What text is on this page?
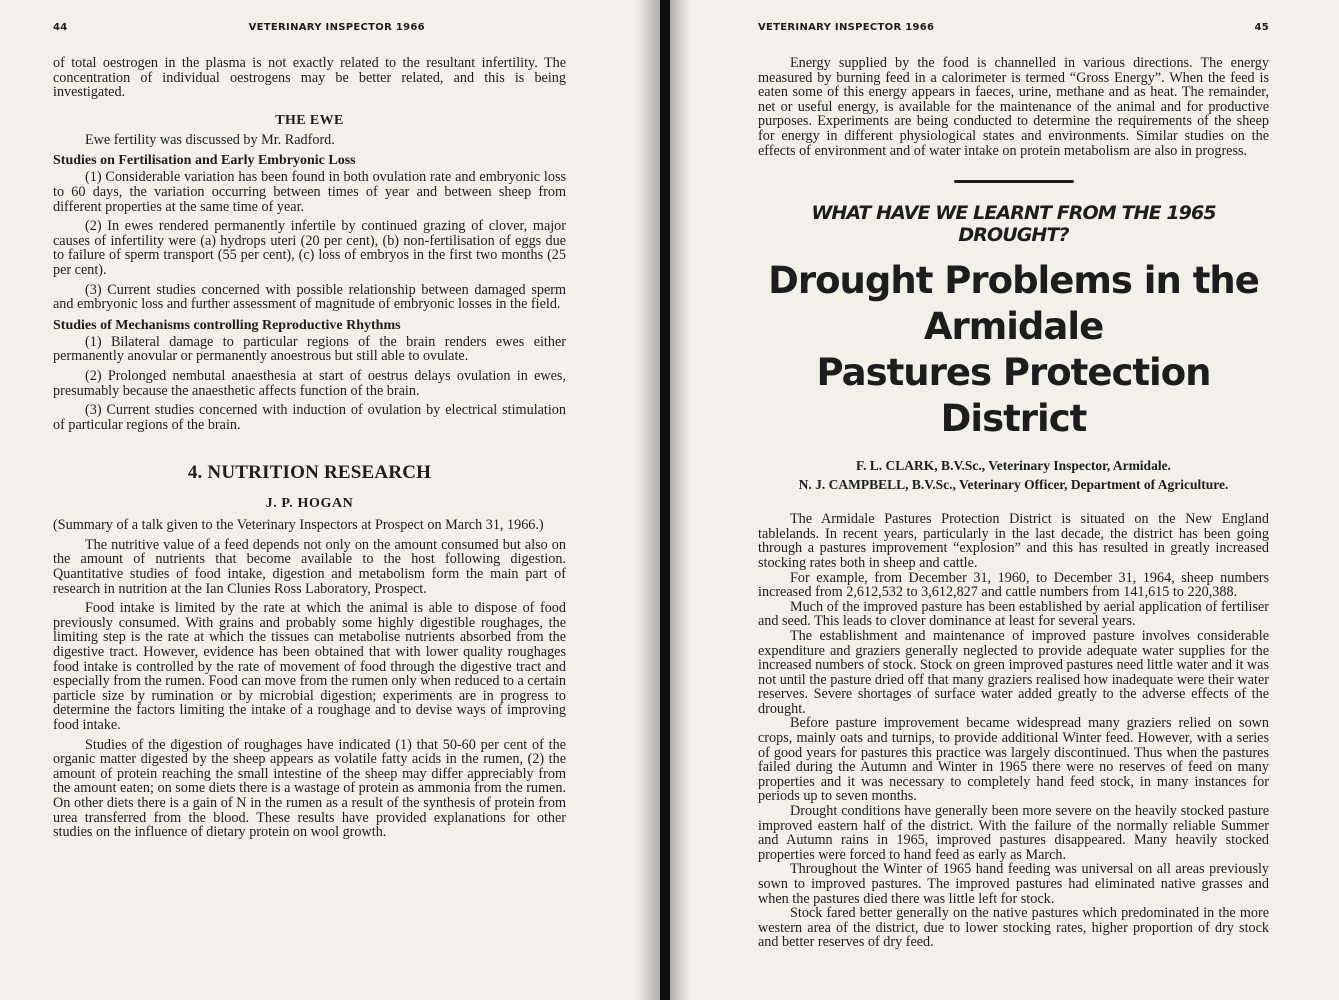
44	VETERINARY INSPECTOR 1966

of total oestrogen in the plasma is not exactly related to the resultant infertility. The concentration of individual oestrogens may be better related, and this is being investigated.

THE EWE

Ewe fertility was discussed by Mr. Radford.

Studies on Fertilisation and Early Embryonic Loss

(1) Considerable variation has been found in both ovulation rate and embryonic loss to 60 days, the variation occurring between times of year and between sheep from different properties at the same time of year.

(2) In ewes rendered permanently infertile by continued grazing of clover, major causes of infertility were (a) hydrops uteri (20 per cent), (b) non-fertilisation of eggs due to failure of sperm transport (55 per cent), (c) loss of embryos in the first two months (25 per cent).

(3) Current studies concerned with possible relationship between damaged sperm and embryonic loss and further assessment of magnitude of embryonic losses in the field.

Studies of Mechanisms controlling Reproductive Rhythms

(1) Bilateral damage to particular regions of the brain renders ewes either permanently anovular or permanently anoestrous but still able to ovulate.

(2) Prolonged nembutal anaesthesia at start of oestrus delays ovulation in ewes, presumably because the anaesthetic affects function of the brain.

(3) Current studies concerned with induction of ovulation by electrical stimulation of particular regions of the brain.

4. NUTRITION RESEARCH
J. P. HOGAN

(Summary of a talk given to the Veterinary Inspectors at Prospect on March 31, 1966.)

The nutritive value of a feed depends not only on the amount consumed but also on the amount of nutrients that become available to the host following digestion. Quantitative studies of food intake, digestion and metabolism form the main part of research in nutrition at the Ian Clunies Ross Laboratory, Prospect.

Food intake is limited by the rate at which the animal is able to dispose of food previously consumed. With grains and probably some highly digestible roughages, the limiting step is the rate at which the tissues can metabolise nutrients absorbed from the digestive tract. However, evidence has been obtained that with lower quality roughages food intake is controlled by the rate of movement of food through the digestive tract and especially from the rumen. Food can move from the rumen only when reduced to a certain particle size by rumination or by microbial digestion; experiments are in progress to determine the factors limiting the intake of a roughage and to devise ways of improving food intake.

Studies of the digestion of roughages have indicated (1) that 50-60 per cent of the organic matter digested by the sheep appears as volatile fatty acids in the rumen, (2) the amount of protein reaching the small intestine of the sheep may differ appreciably from the amount eaten; on some diets there is a wastage of protein as ammonia from the rumen. On other diets there is a gain of N in the rumen as a result of the synthesis of protein from urea transferred from the blood. These results have provided explanations for other studies on the influence of dietary protein on wool growth.

VETERINARY INSPECTOR 1966	45

Energy supplied by the food is channelled in various directions. The energy measured by burning feed in a calorimeter is termed “Gross Energy”. When the feed is eaten some of this energy appears in faeces, urine, methane and as heat. The remainder, net or useful energy, is available for the maintenance of the animal and for productive purposes. Experiments are being conducted to determine the requirements of the sheep for energy in different physiological states and environments. Similar studies on the effects of environment and of water intake on protein metabolism are also in progress.

WHAT HAVE WE LEARNT FROM THE 1965 DROUGHT?
Drought Problems in the Armidale
Pastures Protection District
F. L. CLARK, B.V.Sc., Veterinary Inspector, Armidale.
N. J. CAMPBELL, B.V.Sc., Veterinary Officer, Department of Agriculture.

The Armidale Pastures Protection District is situated on the New England tablelands. In recent years, particularly in the last decade, the district has been going through a pastures improvement “explosion” and this has resulted in greatly increased stocking rates both in sheep and cattle.

For example, from December 31, 1960, to December 31, 1964, sheep numbers increased from 2,612,532 to 3,612,827 and cattle numbers from 141,615 to 220,388.

Much of the improved pasture has been established by aerial application of fertiliser and seed. This leads to clover dominance at least for several years.

The establishment and maintenance of improved pasture involves considerable expenditure and graziers generally neglected to provide adequate water supplies for the increased numbers of stock. Stock on green improved pastures need little water and it was not until the pasture dried off that many graziers realised how inadequate were their water reserves. Severe shortages of surface water added greatly to the adverse effects of the drought.

Before pasture improvement became widespread many graziers relied on sown crops, mainly oats and turnips, to provide additional Winter feed. However, with a series of good years for pastures this practice was largely discontinued. Thus when the pastures failed during the Autumn and Winter in 1965 there were no reserves of feed on many properties and it was necessary to completely hand feed stock, in many instances for periods up to seven months.

Drought conditions have generally been more severe on the heavily stocked pasture improved eastern half of the district. With the failure of the normally reliable Summer and Autumn rains in 1965, improved pastures disappeared. Many heavily stocked properties were forced to hand feed as early as March.

Throughout the Winter of 1965 hand feeding was universal on all areas previously sown to improved pastures. The improved pastures had eliminated native grasses and when the pastures died there was little left for stock.

Stock fared better generally on the native pastures which predominated in the more western area of the district, due to lower stocking rates, higher proportion of dry stock and better reserves of dry feed.
